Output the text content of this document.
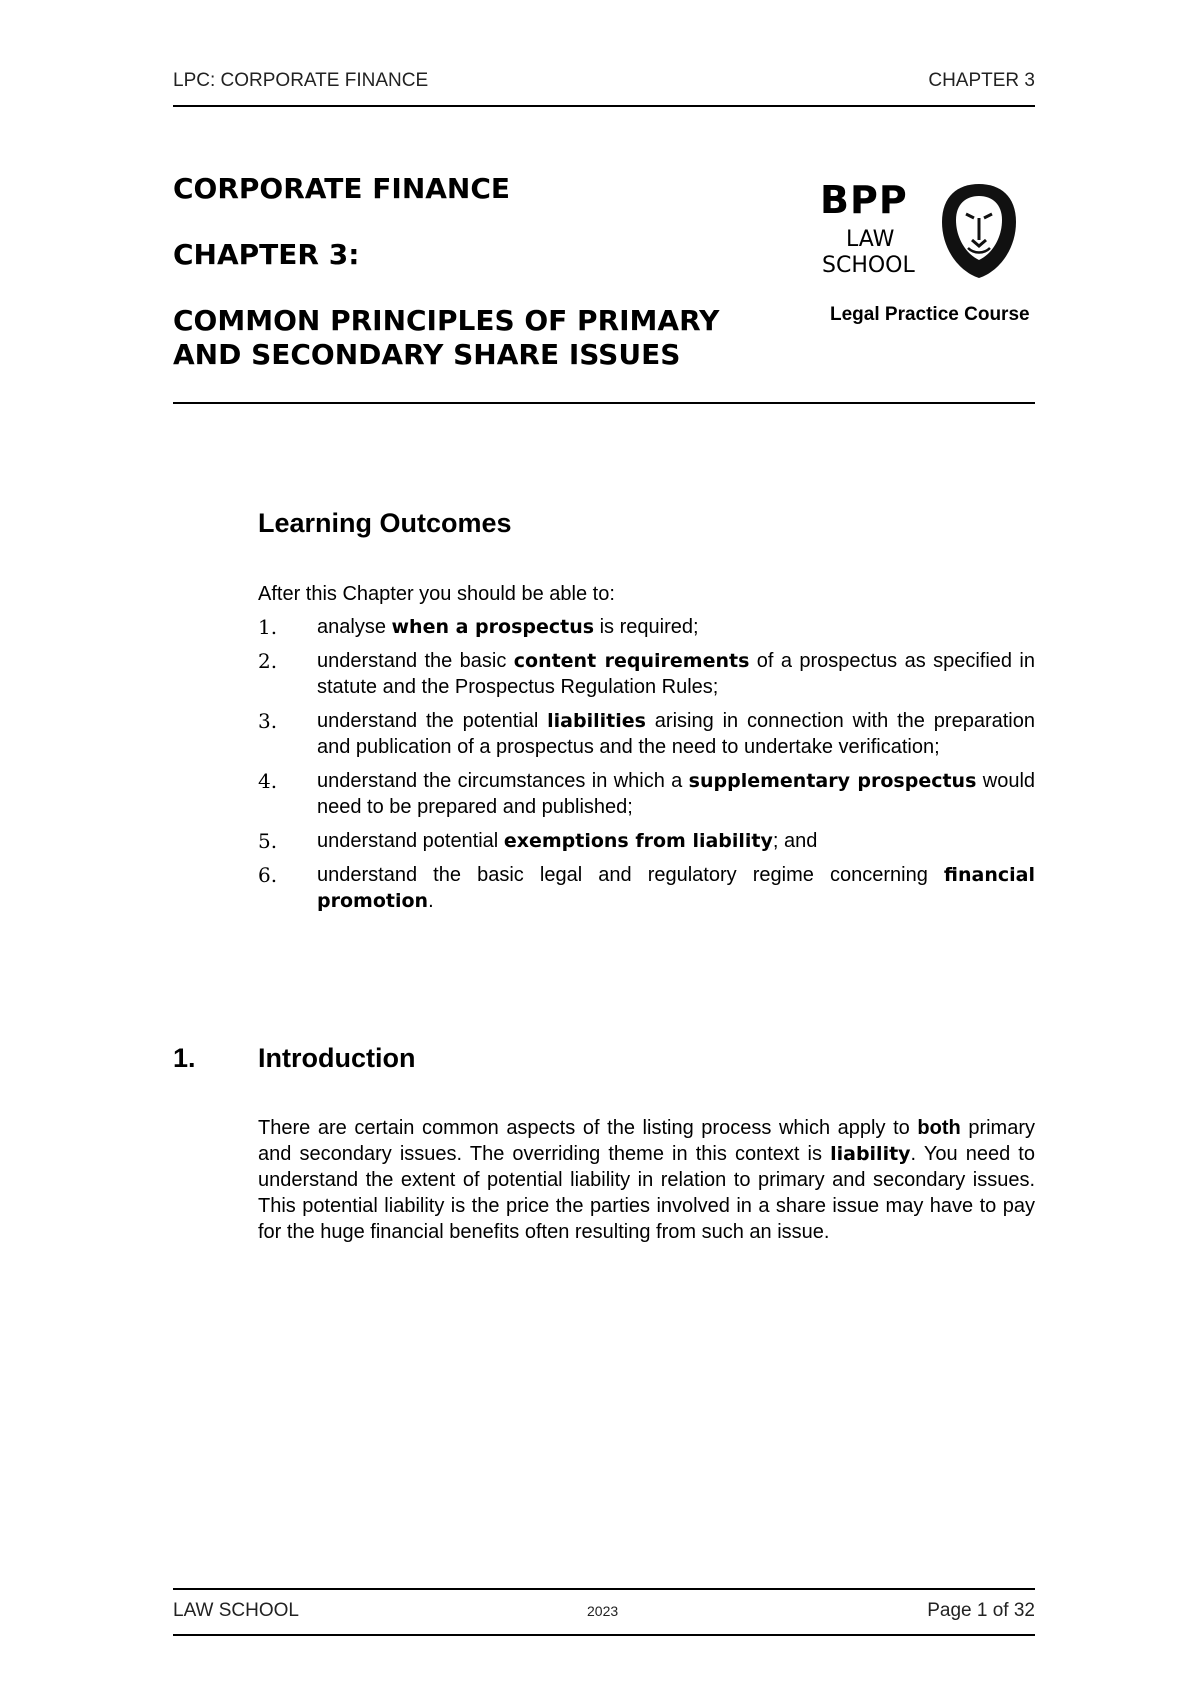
LPC: CORPORATE FINANCE	CHAPTER 3
CORPORATE FINANCE
CHAPTER 3:
COMMON PRINCIPLES OF PRIMARY AND SECONDARY SHARE ISSUES
BPP
LAW
SCHOOL
Legal Practice Course
Learning Outcomes
After this Chapter you should be able to:
1. analyse when a prospectus is required;
2. understand the basic content requirements of a prospectus as specified in statute and the Prospectus Regulation Rules;
3. understand the potential liabilities arising in connection with the preparation and publication of a prospectus and the need to undertake verification;
4. understand the circumstances in which a supplementary prospectus would need to be prepared and published;
5. understand potential exemptions from liability; and
6. understand the basic legal and regulatory regime concerning financial promotion.
1. Introduction

There are certain common aspects of the listing process which apply to both primary and secondary issues. The overriding theme in this context is liability. You need to understand the extent of potential liability in relation to primary and secondary issues. This potential liability is the price the parties involved in a share issue may have to pay for the huge financial benefits often resulting from such an issue.

LAW SCHOOL	2023	Page 1 of 32
